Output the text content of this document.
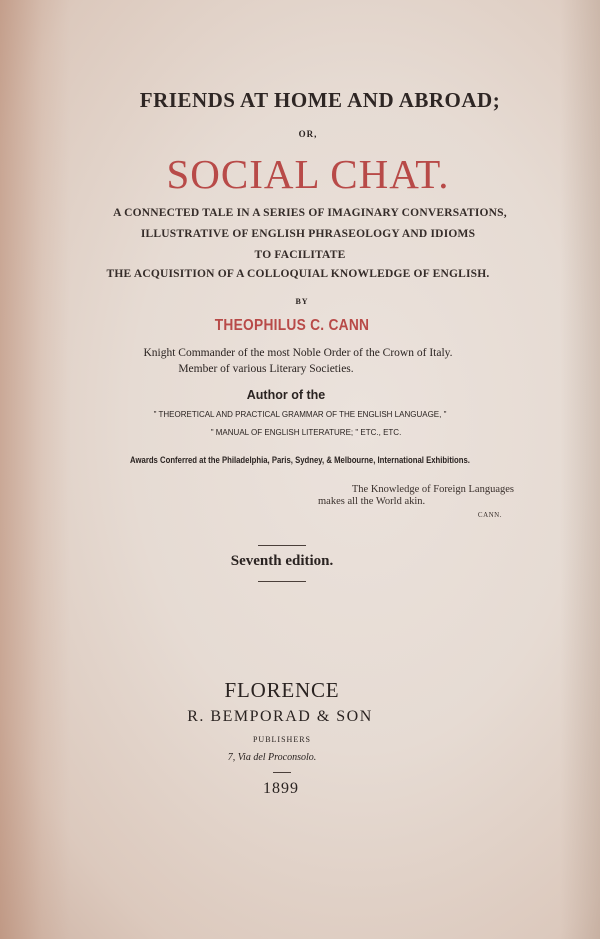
FRIENDS AT HOME AND ABROAD;
OR,
SOCIAL CHAT.
A CONNECTED TALE IN A SERIES OF IMAGINARY CONVERSATIONS,
ILLUSTRATIVE OF ENGLISH PHRASEOLOGY AND IDIOMS
TO FACILITATE
THE ACQUISITION OF A COLLOQUIAL KNOWLEDGE OF ENGLISH.
BY
THEOPHILUS C. CANN
Knight Commander of the most Noble Order of the Crown of Italy.
Member of various Literary Societies.
Author of the
" THEORETICAL AND PRACTICAL GRAMMAR OF THE ENGLISH LANGUAGE, "
" MANUAL OF ENGLISH LITERATURE; " ETC., ETC.
Awards Conferred at the Philadelphia, Paris, Sydney, & Melbourne, International Exhibitions.
The Knowledge of Foreign Languages
makes all the World akin.
CANN.
Seventh edition.
FLORENCE
R. BEMPORAD & SON
PUBLISHERS
7, Via del Proconsolo.
1899
